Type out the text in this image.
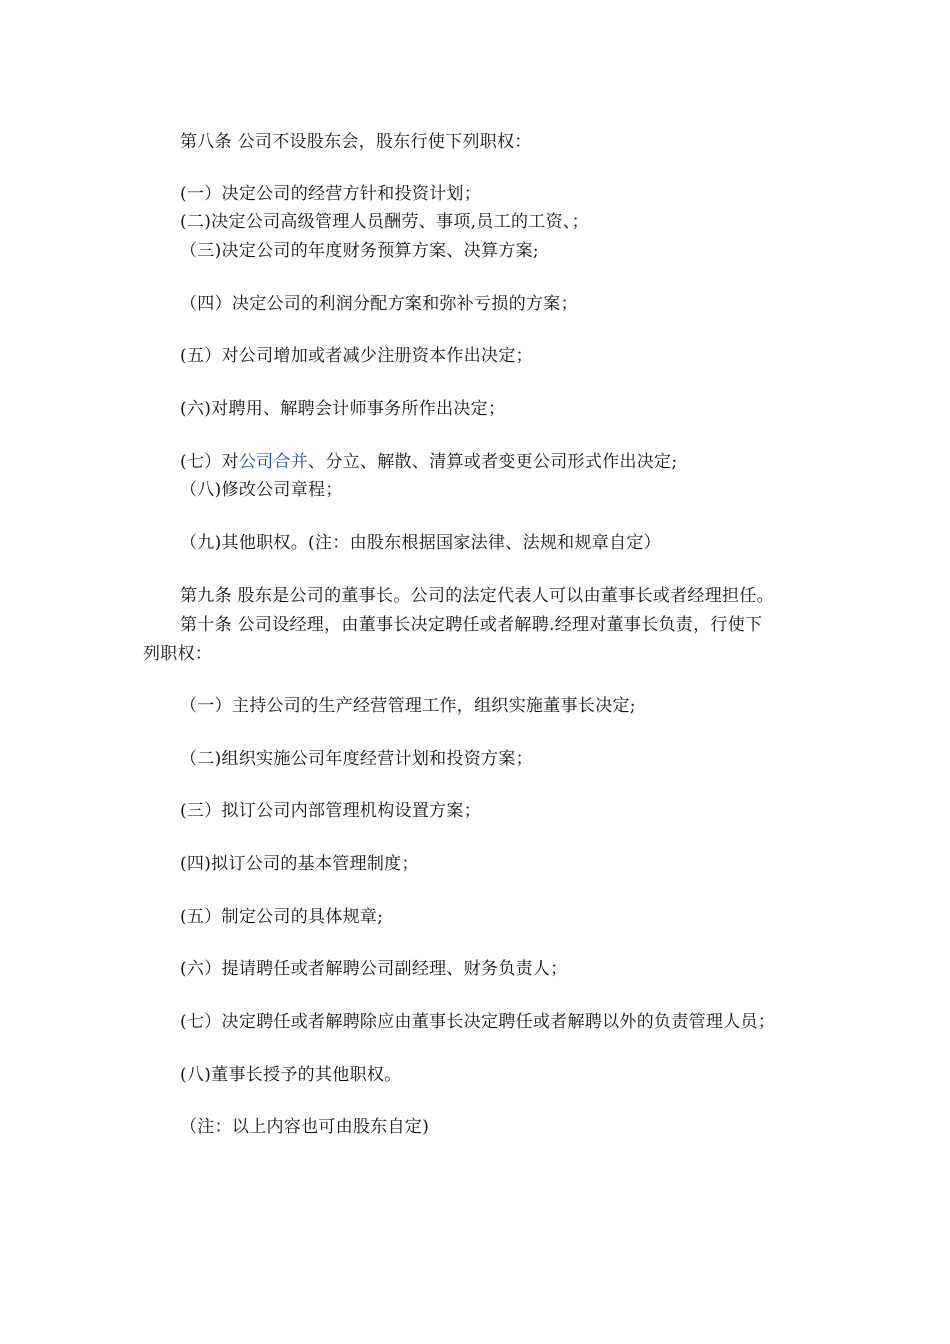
第八条 公司不设股东会，股东行使下列职权：
(一）决定公司的经营方针和投资计划；
(二)决定公司高级管理人员酬劳、事项,员工的工资、；
（三)决定公司的年度财务预算方案、决算方案;
（四）决定公司的利润分配方案和弥补亏损的方案；
(五）对公司增加或者减少注册资本作出决定；
(六)对聘用、解聘会计师事务所作出决定；
(七）对公司合并、分立、解散、清算或者变更公司形式作出决定;
（八)修改公司章程；
（九)其他职权。(注：由股东根据国家法律、法规和规章自定）
第九条 股东是公司的董事长。公司的法定代表人可以由董事长或者经理担任。
第十条 公司设经理，由董事长决定聘任或者解聘.经理对董事长负责，行使下
列职权：
（一）主持公司的生产经营管理工作，组织实施董事长决定;
（二)组织实施公司年度经营计划和投资方案；
(三）拟订公司内部管理机构设置方案；
(四)拟订公司的基本管理制度；
(五）制定公司的具体规章;
(六）提请聘任或者解聘公司副经理、财务负责人；
(七）决定聘任或者解聘除应由董事长决定聘任或者解聘以外的负责管理人员；
(八)董事长授予的其他职权。
（注：以上内容也可由股东自定)
